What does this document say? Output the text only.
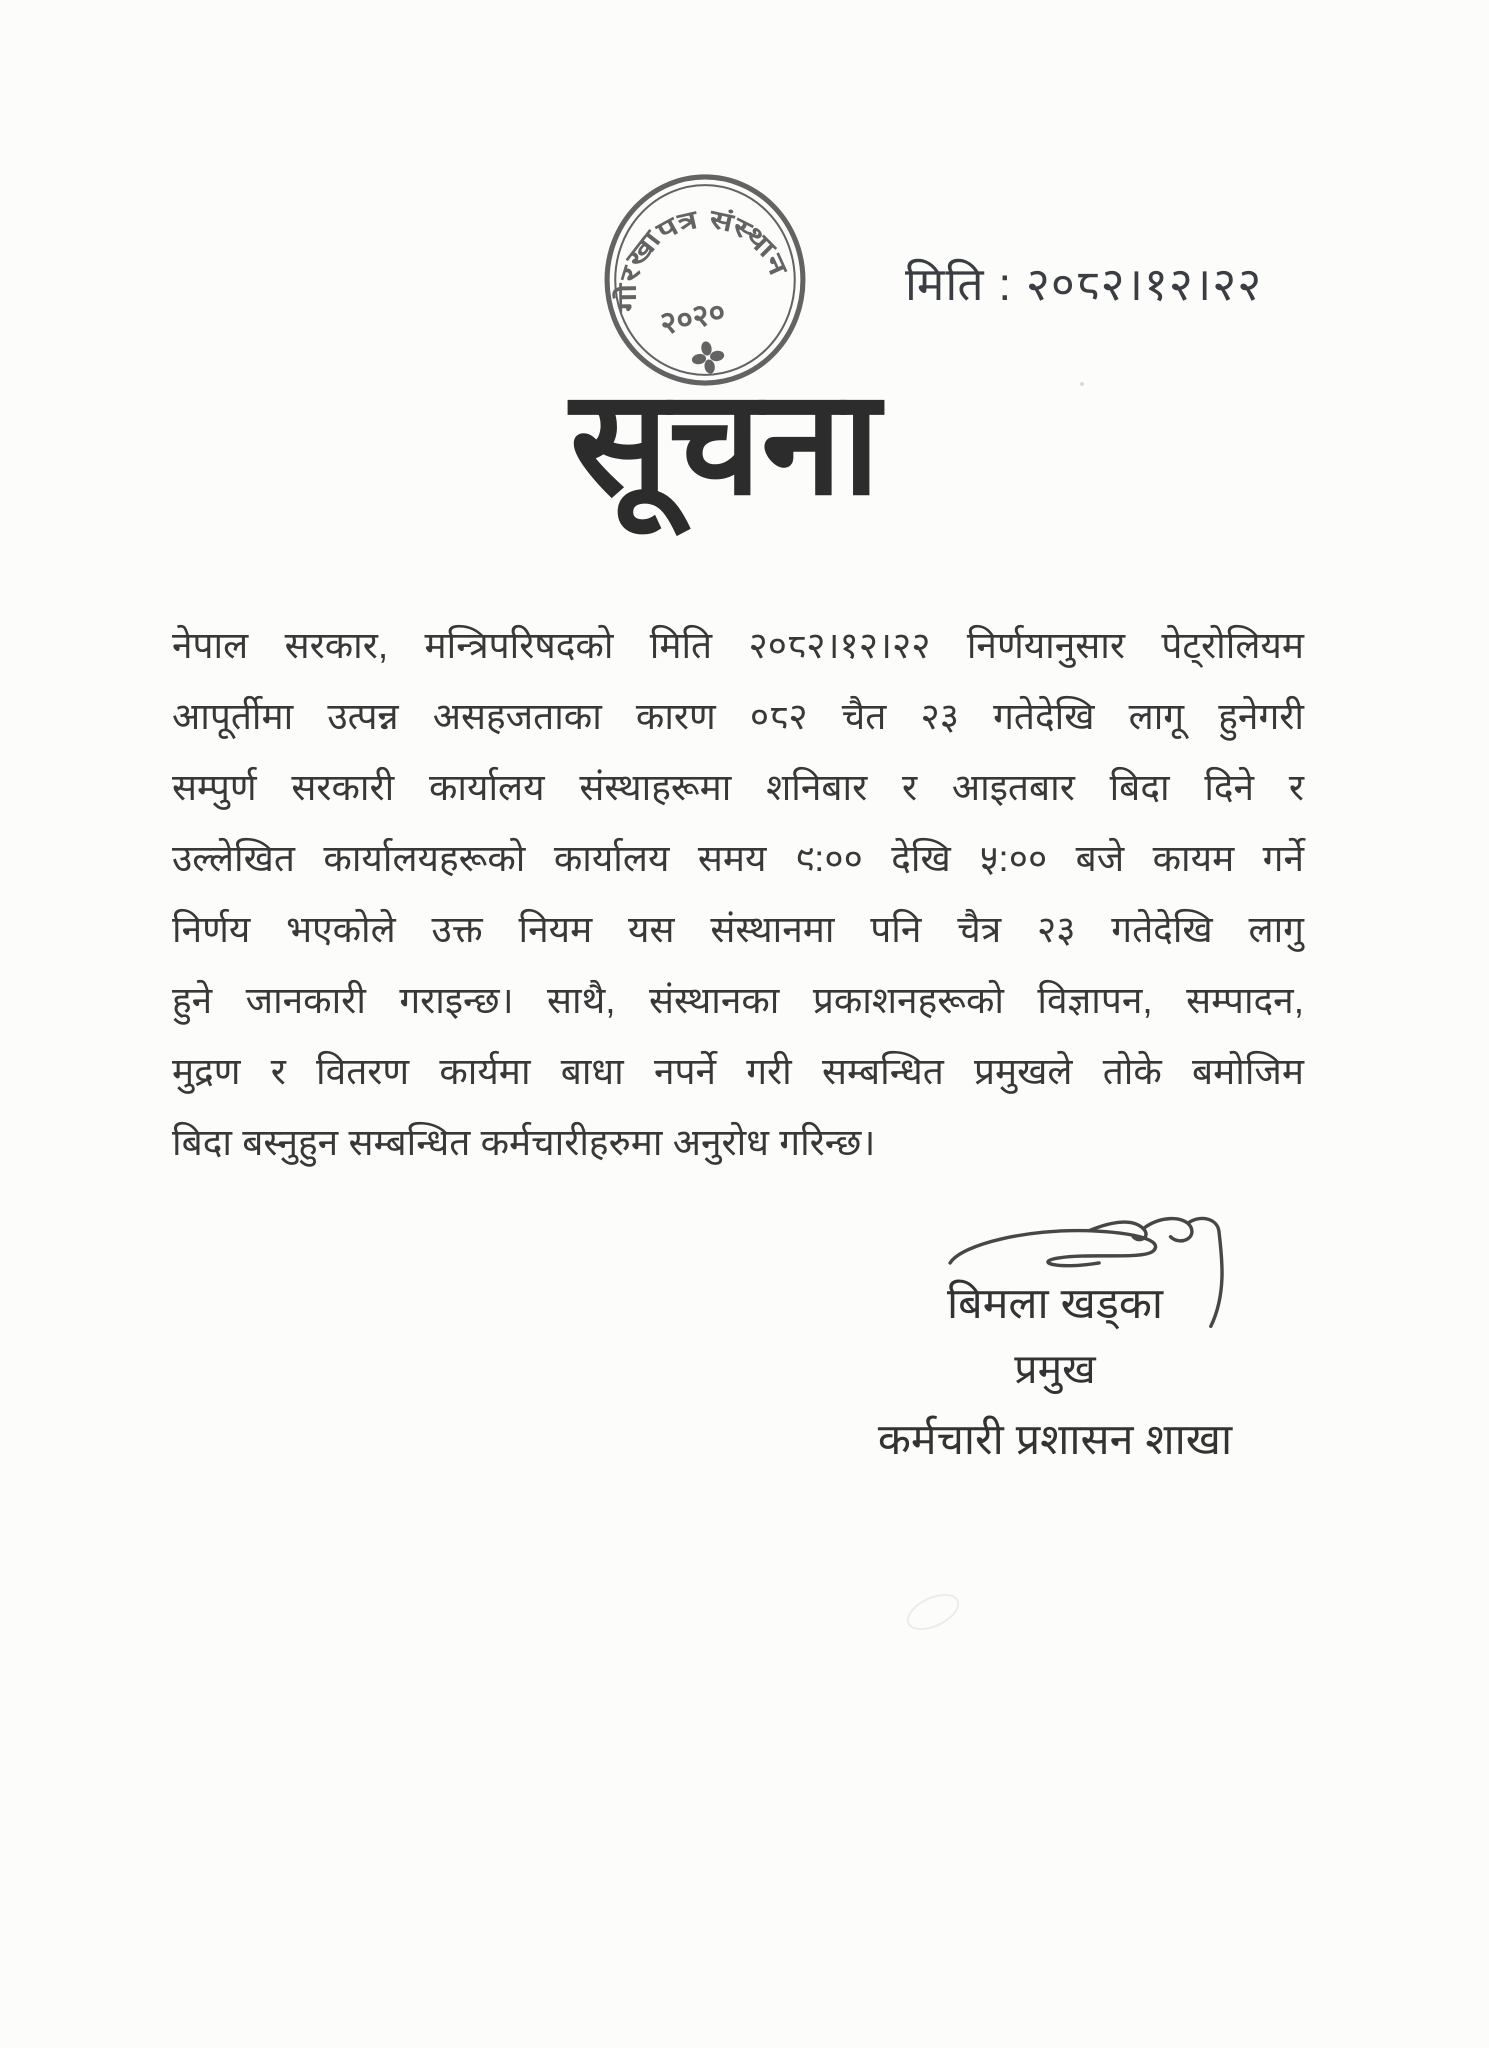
गोरखापत्र संस्थान
२०२०
मिति : २०८२।१२।२२
सूचना
नेपाल सरकार, मन्त्रिपरिषदको मिति २०८२।१२।२२ निर्णयानुसार पेट्रोलियम
आपूर्तीमा उत्पन्न असहजताका कारण ०८२ चैत २३ गतेदेखि लागू हुनेगरी
सम्पुर्ण सरकारी कार्यालय संस्थाहरूमा शनिबार र आइतबार बिदा दिने र
उल्लेखित कार्यालयहरूको कार्यालय समय ९:०० देखि ५:०० बजे कायम गर्ने
निर्णय भएकोले उक्त नियम यस संस्थानमा पनि चैत्र २३ गतेदेखि लागु
हुने जानकारी गराइन्छ। साथै, संस्थानका प्रकाशनहरूको विज्ञापन, सम्पादन,
मुद्रण र वितरण कार्यमा बाधा नपर्ने गरी सम्बन्धित प्रमुखले तोके बमोजिम
बिदा बस्नुहुन सम्बन्धित कर्मचारीहरुमा अनुरोध गरिन्छ।
बिमला खड्का
प्रमुख
कर्मचारी प्रशासन शाखा
